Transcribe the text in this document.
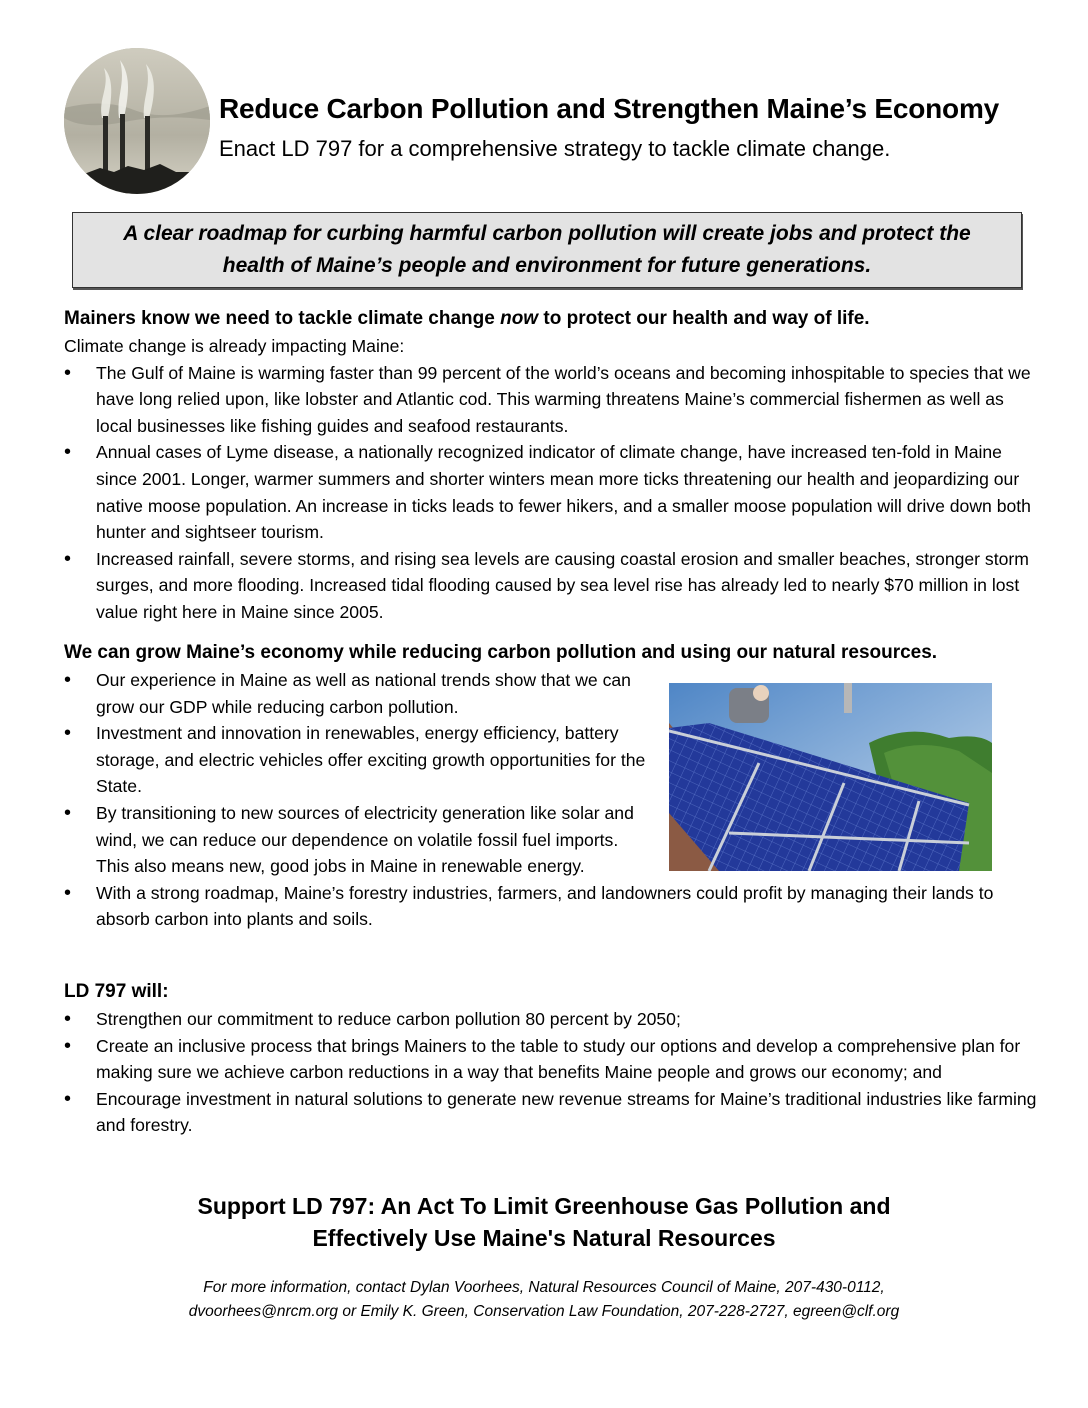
Reduce Carbon Pollution and Strengthen Maine’s Economy
Enact LD 797 for a comprehensive strategy to tackle climate change.
A clear roadmap for curbing harmful carbon pollution will create jobs and protect the
health of Maine’s people and environment for future generations.
Mainers know we need to tackle climate change now to protect our health and way of life.

Climate change is already impacting Maine:

• The Gulf of Maine is warming faster than 99 percent of the world’s oceans and becoming inhospitable to species that we have long relied upon, like lobster and Atlantic cod. This warming threatens Maine’s commercial fishermen as well as local businesses like fishing guides and seafood restaurants.
• Annual cases of Lyme disease, a nationally recognized indicator of climate change, have increased ten-fold in Maine since 2001. Longer, warmer summers and shorter winters mean more ticks threatening our health and jeopardizing our native moose population. An increase in ticks leads to fewer hikers, and a smaller moose population will drive down both hunter and sightseer tourism.
• Increased rainfall, severe storms, and rising sea levels are causing coastal erosion and smaller beaches, stronger storm surges, and more flooding. Increased tidal flooding caused by sea level rise has already led to nearly $70 million in lost value right here in Maine since 2005.
We can grow Maine’s economy while reducing carbon pollution and using our natural resources.
• Our experience in Maine as well as national trends show that we can grow our GDP while reducing carbon pollution.
• Investment and innovation in renewables, energy efficiency, battery storage, and electric vehicles offer exciting growth opportunities for the State.
• By transitioning to new sources of electricity generation like solar and wind, we can reduce our dependence on volatile fossil fuel imports. This also means new, good jobs in Maine in renewable energy.
• With a strong roadmap, Maine’s forestry industries, farmers, and landowners could profit by managing their lands to absorb carbon into plants and soils.
LD 797 will:
• Strengthen our commitment to reduce carbon pollution 80 percent by 2050;
• Create an inclusive process that brings Mainers to the table to study our options and develop a comprehensive plan for making sure we achieve carbon reductions in a way that benefits Maine people and grows our economy; and
• Encourage investment in natural solutions to generate new revenue streams for Maine’s traditional industries like farming and forestry.
Support LD 797: An Act To Limit Greenhouse Gas Pollution and
Effectively Use Maine's Natural Resources
For more information, contact Dylan Voorhees, Natural Resources Council of Maine, 207-430-0112,
dvoorhees@nrcm.org or Emily K. Green, Conservation Law Foundation, 207-228-2727, egreen@clf.org
